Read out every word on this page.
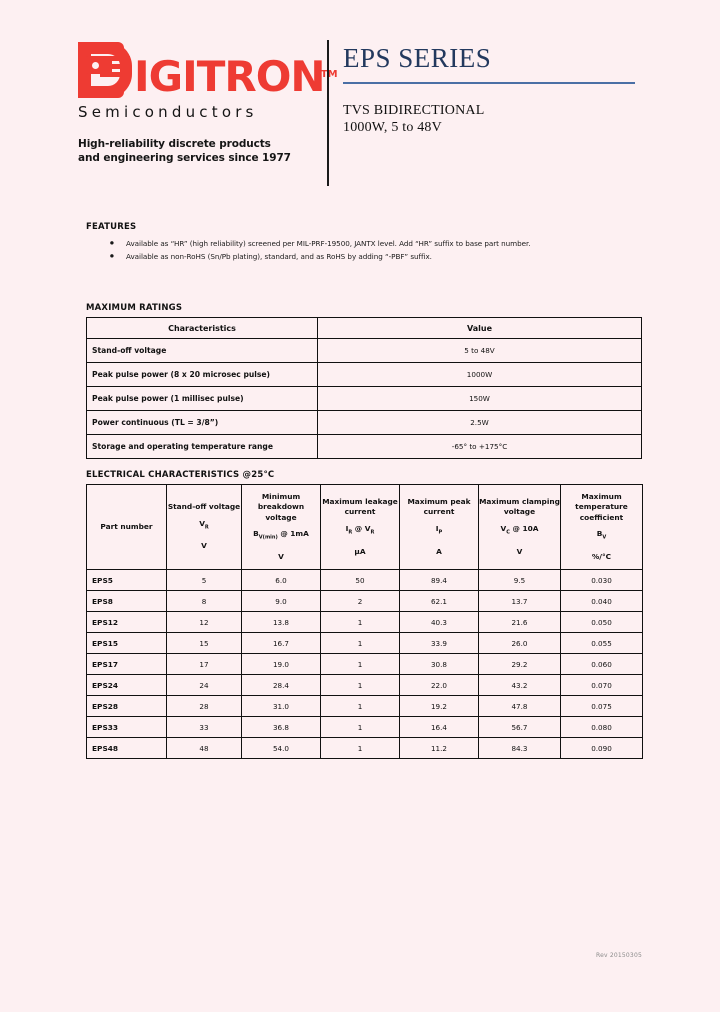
IGITRON
TM
Semiconductors
High-reliability discrete products
and engineering services since 1977
EPS SERIES
TVS BIDIRECTIONAL
1000W, 5 to 48V
FEATURES
● Available as “HR” (high reliability) screened per MIL-PRF-19500, JANTX level. Add “HR” suffix to base part number.
● Available as non-RoHS (Sn/Pb plating), standard, and as RoHS by adding “-PBF” suffix.
MAXIMUM RATINGS
Characteristics	Value
Stand-off voltage	5 to 48V
Peak pulse power (8 x 20 microsec pulse)	1000W
Peak pulse power (1 millisec pulse)	150W
Power continuous (TL = 3/8”)	2.5W
Storage and operating temperature range	-65° to +175°C
ELECTRICAL CHARACTERISTICS @25°C
Part number	Stand-off voltage
$V_R$
V	Minimum breakdown voltage
$B_{V(min)}$ @ 1mA
V	Maximum leakage current
$I_R$ @ $V_R$
µA	Maximum peak current
$I_P$
A	Maximum clamping voltage
$V_C$ @ 10A
V	Maximum temperature coefficient
$B_V$
%/°C

EPS5	5	6.0	50	89.4	9.5	0.030
EPS8	8	9.0	2	62.1	13.7	0.040
EPS12	12	13.8	1	40.3	21.6	0.050
EPS15	15	16.7	1	33.9	26.0	0.055
EPS17	17	19.0	1	30.8	29.2	0.060
EPS24	24	28.4	1	22.0	43.2	0.070
EPS28	28	31.0	1	19.2	47.8	0.075
EPS33	33	36.8	1	16.4	56.7	0.080
EPS48	48	54.0	1	11.2	84.3	0.090
Rev 20150305
